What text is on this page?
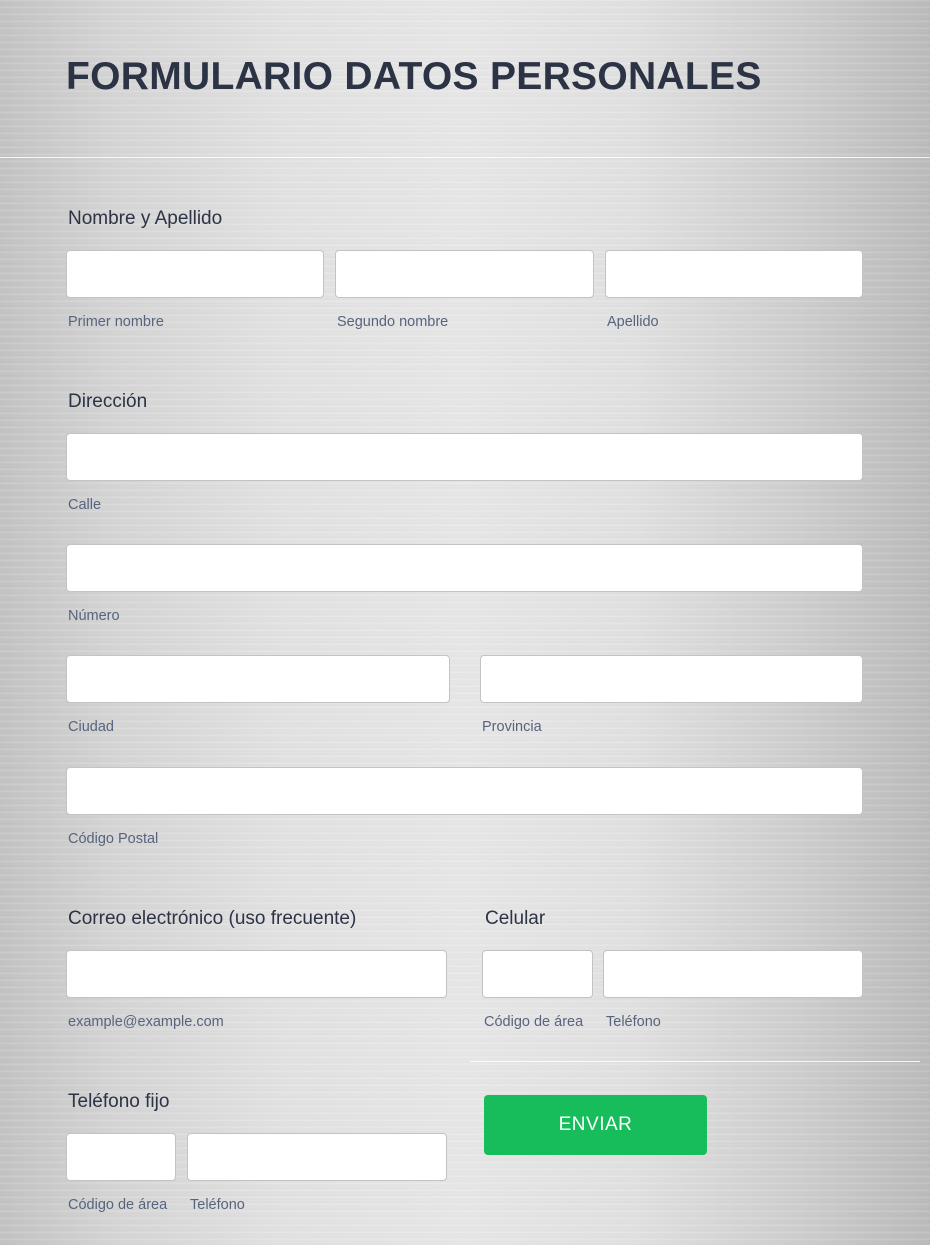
FORMULARIO DATOS PERSONALES
Nombre y Apellido
Primer nombre	Segundo nombre	Apellido
Dirección
Calle
Número
Ciudad	Provincia
Código Postal
Correo electrónico (uso frecuente)
example@example.com
Celular
Código de área Teléfono
Teléfono fijo
Código de área Teléfono
ENVIAR
